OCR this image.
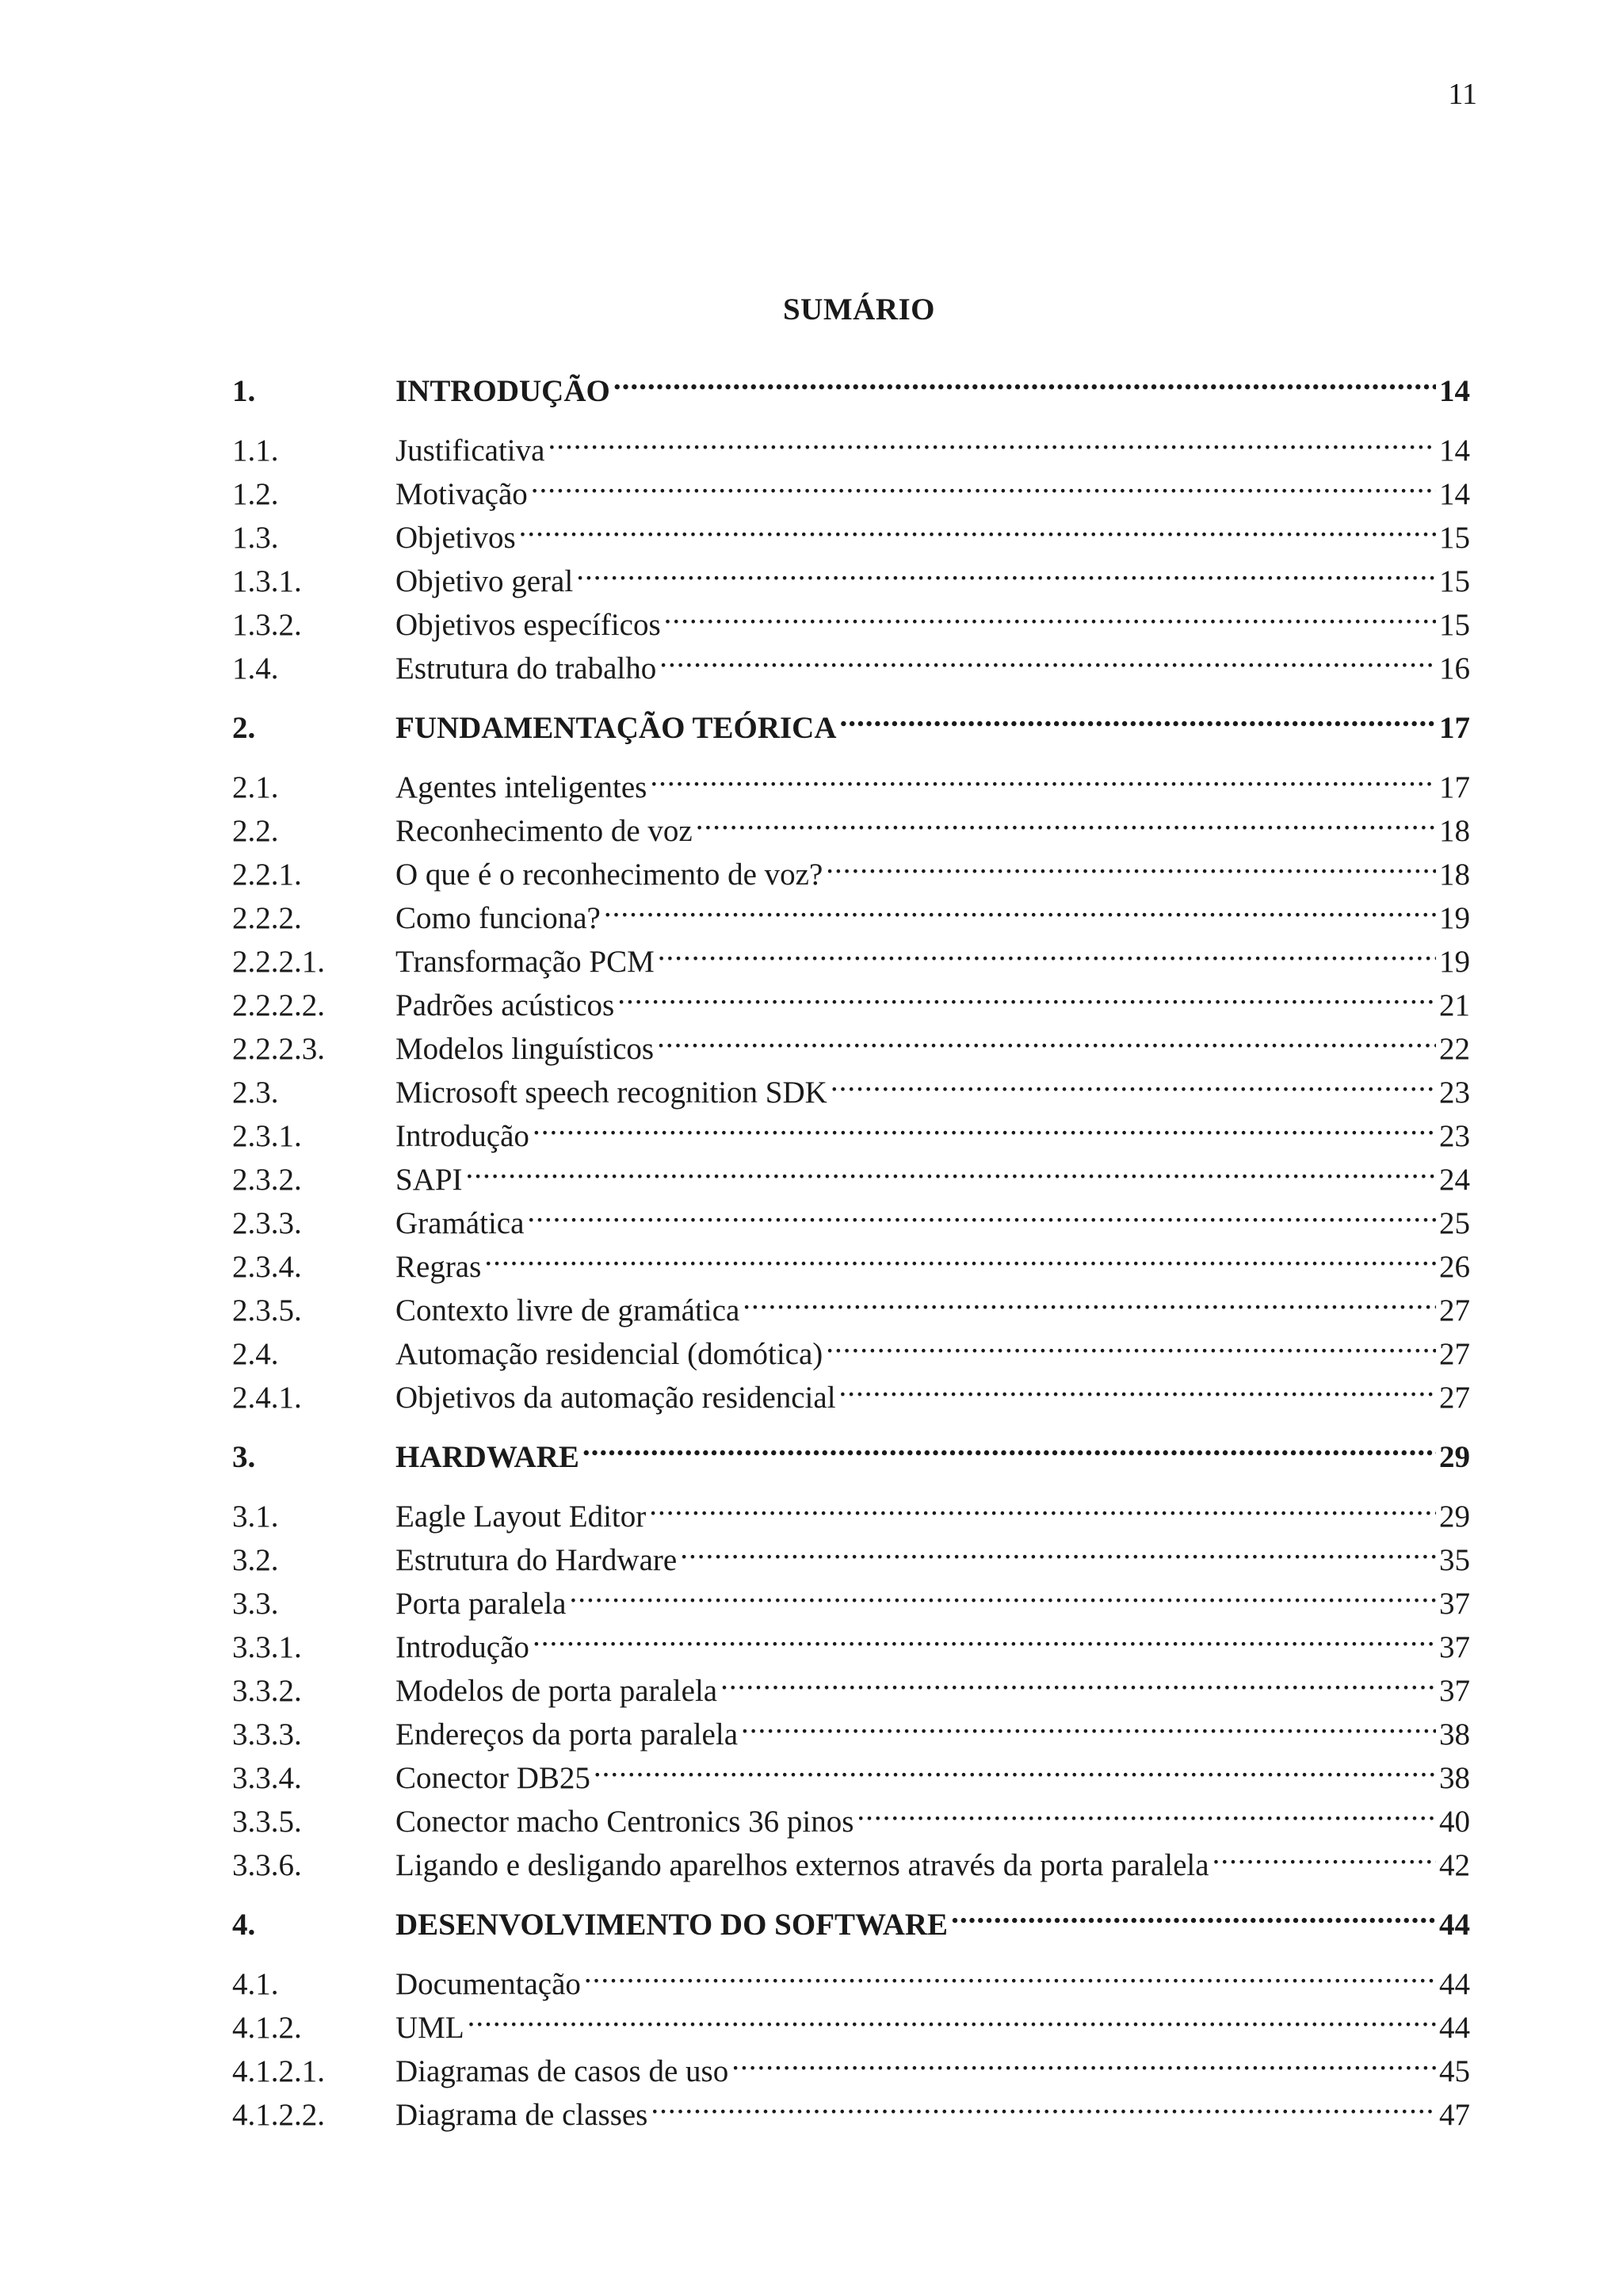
11
SUMÁRIO
1.	INTRODUÇÃO .....	14
1.1.	Justificativa .....	14
1.2.	Motivação .....	14
1.3.	Objetivos .....	15
1.3.1.	Objetivo geral .....	15
1.3.2.	Objetivos específicos .....	15
1.4.	Estrutura do trabalho .....	16
2.	FUNDAMENTAÇÃO TEÓRICA .....	17
2.1.	Agentes inteligentes .....	17
2.2.	Reconhecimento de voz .....	18
2.2.1.	O que é o reconhecimento de voz? .....	18
2.2.2.	Como funciona? .....	19
2.2.2.1.	Transformação PCM .....	19
2.2.2.2.	Padrões acústicos .....	21
2.2.2.3.	Modelos linguísticos .....	22
2.3.	Microsoft speech recognition SDK .....	23
2.3.1.	Introdução .....	23
2.3.2.	SAPI .....	24
2.3.3.	Gramática .....	25
2.3.4.	Regras .....	26
2.3.5.	Contexto livre de gramática .....	27
2.4.	Automação residencial (domótica) .....	27
2.4.1.	Objetivos da automação residencial .....	27
3.	HARDWARE .....	29
3.1.	Eagle Layout Editor .....	29
3.2.	Estrutura do Hardware .....	35
3.3.	Porta paralela .....	37
3.3.1.	Introdução .....	37
3.3.2.	Modelos de porta paralela .....	37
3.3.3.	Endereços da porta paralela .....	38
3.3.4.	Conector DB25 .....	38
3.3.5.	Conector macho Centronics 36 pinos .....	40
3.3.6.	Ligando e desligando aparelhos externos através da porta paralela .....	42
4.	DESENVOLVIMENTO DO SOFTWARE .....	44
4.1.	Documentação .....	44
4.1.2.	UML .....	44
4.1.2.1.	Diagramas de casos de uso .....	45
4.1.2.2.	Diagrama de classes .....	47
